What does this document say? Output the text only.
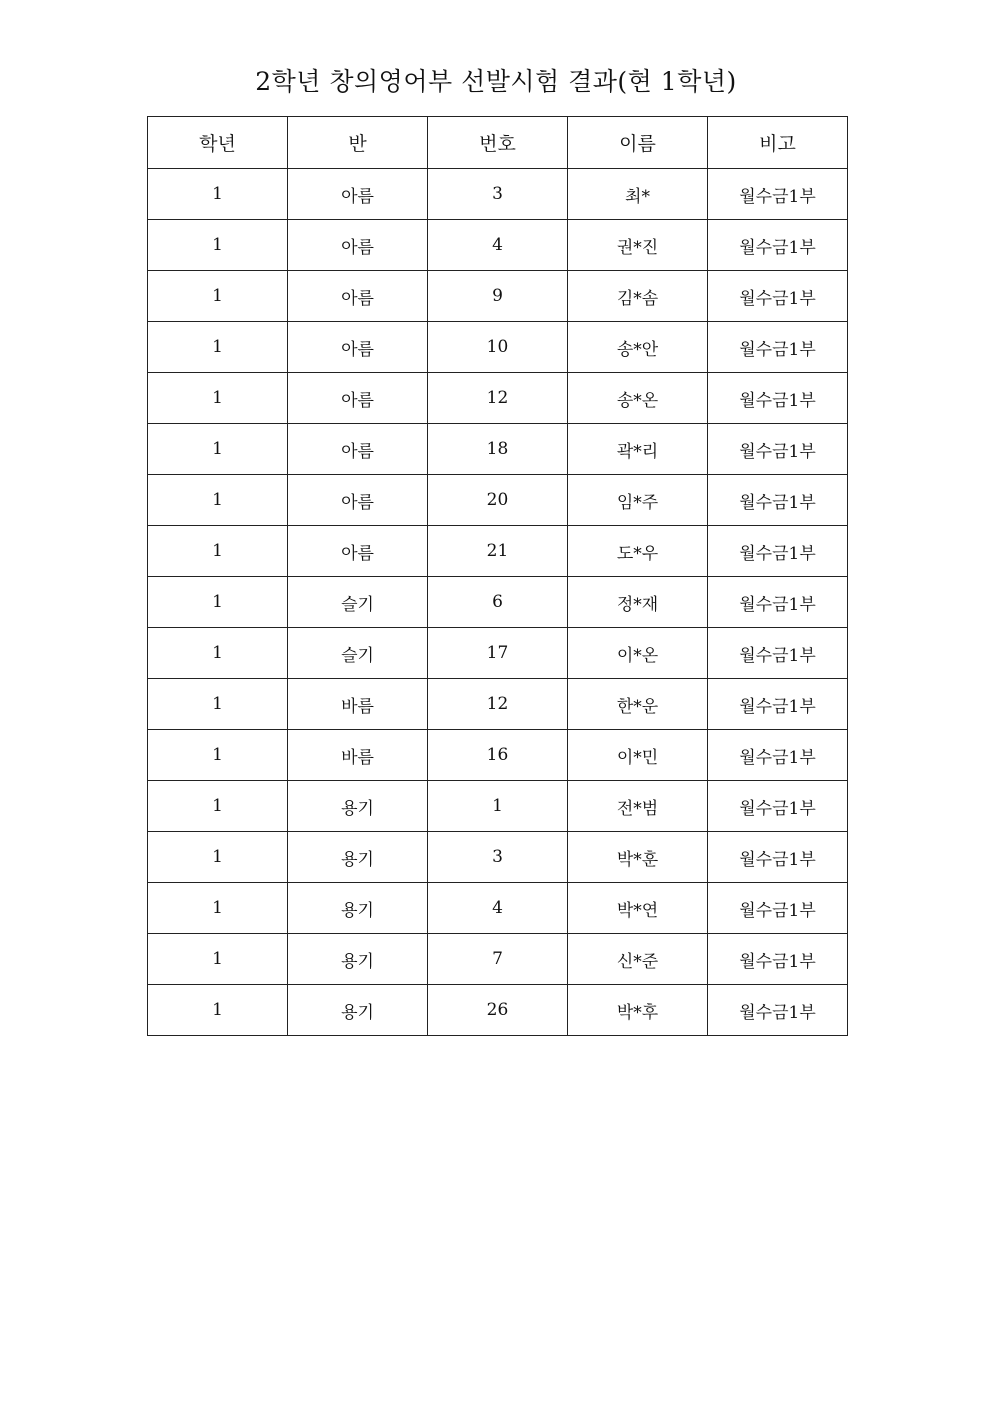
2학년 창의영어부 선발시험 결과(현 1학년)
학년	반	번호	이름	비고
1	아름	3	최*	월수금1부
1	아름	4	권*진	월수금1부
1	아름	9	김*솜	월수금1부
1	아름	10	송*안	월수금1부
1	아름	12	송*온	월수금1부
1	아름	18	곽*리	월수금1부
1	아름	20	임*주	월수금1부
1	아름	21	도*우	월수금1부
1	슬기	6	정*재	월수금1부
1	슬기	17	이*온	월수금1부
1	바름	12	한*운	월수금1부
1	바름	16	이*민	월수금1부
1	용기	1	전*범	월수금1부
1	용기	3	박*훈	월수금1부
1	용기	4	박*연	월수금1부
1	용기	7	신*준	월수금1부
1	용기	26	박*후	월수금1부
